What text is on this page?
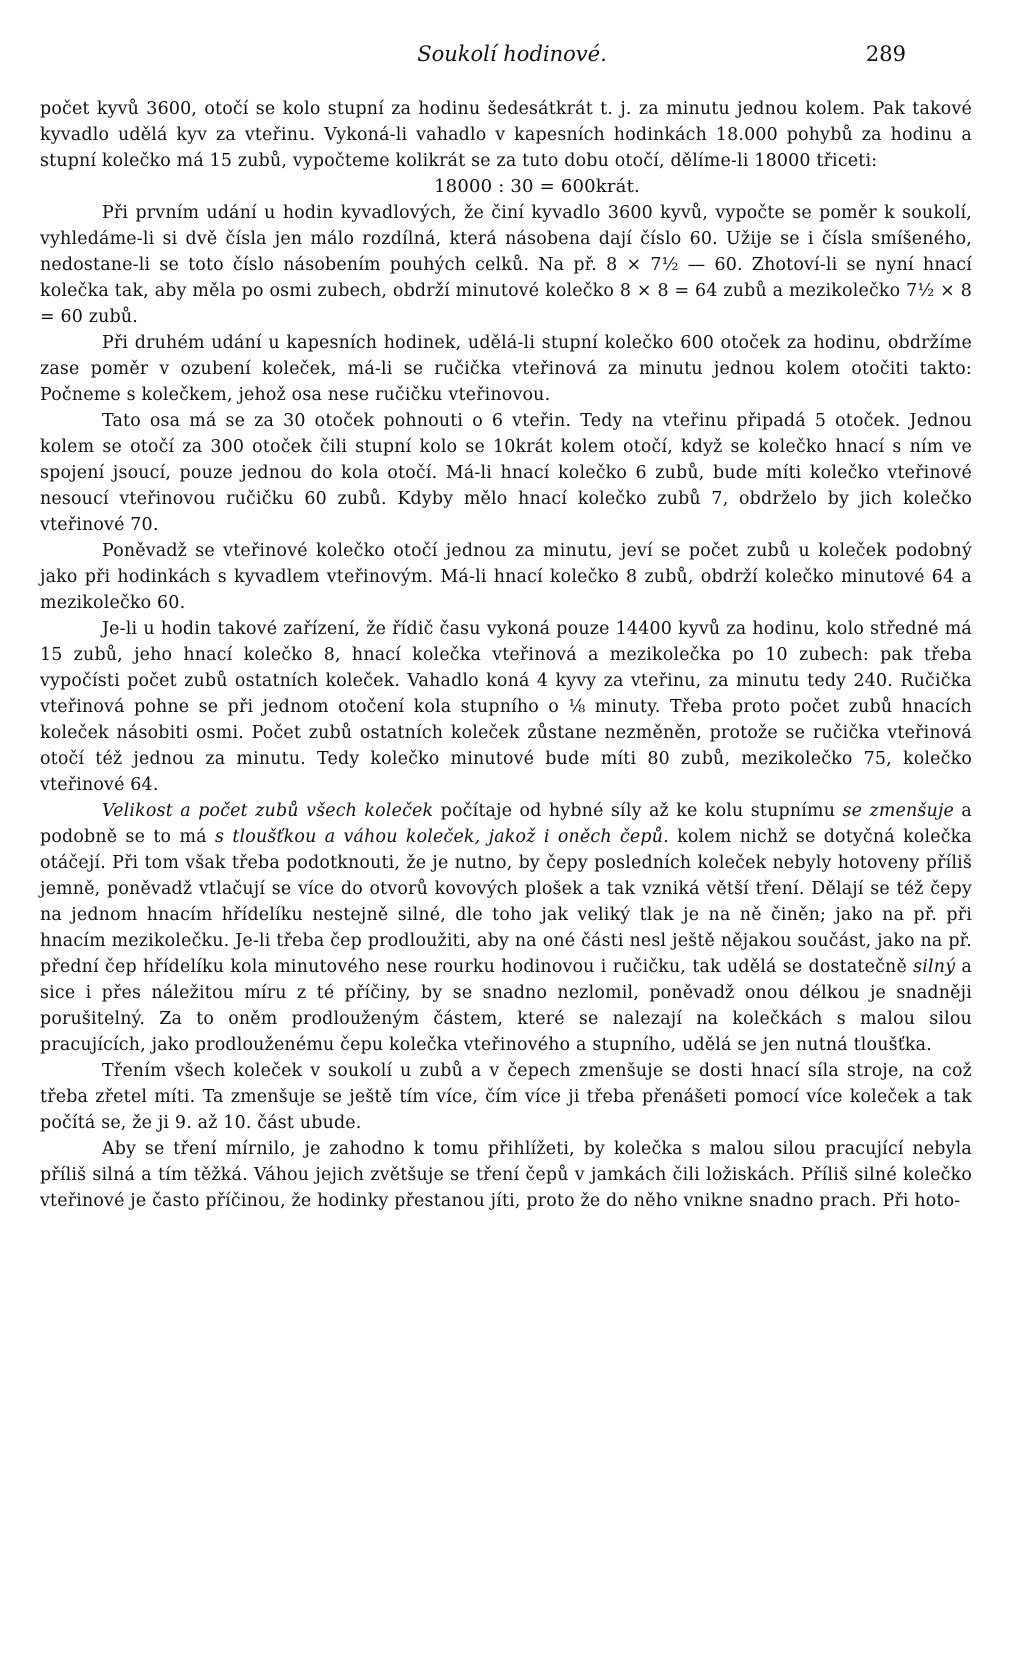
Soukolí hodinové.	289

počet kyvů 3600, otočí se kolo stupní za hodinu šedesátkrát t. j. za minutu jednou kolem. Pak takové kyvadlo udělá kyv za vteřinu. Vykoná-li vahadlo v kapesních hodinkách 18.000 pohybů za hodinu a stupní kolečko má 15 zubů, vypočteme kolikrát se za tuto dobu otočí, dělíme-li 18000 třiceti:

18000 : 30 = 600krát.

Při prvním udání u hodin kyvadlových, že činí kyvadlo 3600 kyvů, vypočte se poměr k soukolí, vyhledáme-li si dvě čísla jen málo rozdílná, která násobena dají číslo 60. Užije se i čísla smíšeného, nedostane-li se toto číslo násobením pouhých celků. Na př. 8 × 7½ — 60. Zhotoví-li se nyní hnací kolečka tak, aby měla po osmi zubech, obdrží minutové kolečko 8 × 8 = 64 zubů a mezikolečko 7½ × 8 = 60 zubů.

Při druhém udání u kapesních hodinek, udělá-li stupní kolečko 600 otoček za hodinu, obdržíme zase poměr v ozubení koleček, má-li se ručička vteřinová za minutu jednou kolem otočiti takto: Počneme s kolečkem, jehož osa nese ručičku vteřinovou.

Tato osa má se za 30 otoček pohnouti o 6 vteřin. Tedy na vteřinu připadá 5 otoček. Jednou kolem se otočí za 300 otoček čili stupní kolo se 10krát kolem otočí, když se kolečko hnací s ním ve spojení jsoucí, pouze jednou do kola otočí. Má-li hnací kolečko 6 zubů, bude míti kolečko vteřinové nesoucí vteřinovou ručičku 60 zubů. Kdyby mělo hnací kolečko zubů 7, obdrželo by jich kolečko vteřinové 70.

Poněvadž se vteřinové kolečko otočí jednou za minutu, jeví se počet zubů u koleček podobný jako při hodinkách s kyvadlem vteřinovým. Má-li hnací kolečko 8 zubů, obdrží kolečko minutové 64 a mezikolečko 60.

Je-li u hodin takové zařízení, že řídič času vykoná pouze 14400 kyvů za hodinu, kolo středné má 15 zubů, jeho hnací kolečko 8, hnací kolečka vteřinová a mezikolečka po 10 zubech: pak třeba vypočísti počet zubů ostatních koleček. Vahadlo koná 4 kyvy za vteřinu, za minutu tedy 240. Ručička vteřinová pohne se při jednom otočení kola stupního o ⅛ minuty. Třeba proto počet zubů hnacích koleček násobiti osmi. Počet zubů ostatních koleček zůstane nezměněn, protože se ručička vteřinová otočí též jednou za minutu. Tedy kolečko minutové bude míti 80 zubů, mezikolečko 75, kolečko vteřinové 64.

Velikost a počet zubů všech koleček počítaje od hybné síly až ke kolu stupnímu se zmenšuje a podobně se to má s tloušťkou a váhou koleček, jakož i oněch čepů. kolem nichž se dotyčná kolečka otáčejí. Při tom však třeba podotknouti, že je nutno, by čepy posledních koleček nebyly hotoveny příliš jemně, poněvadž vtlačují se více do otvorů kovových plošek a tak vzniká větší tření. Dělají se též čepy na jednom hnacím hřídelíku nestejně silné, dle toho jak veliký tlak je na ně činěn; jako na př. při hnacím mezikolečku. Je-li třeba čep prodloužiti, aby na oné části nesl ještě nějakou součást, jako na př. přední čep hřídelíku kola minutového nese rourku hodinovou i ručičku, tak udělá se dostatečně silný a sice i přes náležitou míru z té příčiny, by se snadno nezlomil, poněvadž onou délkou je snadněji porušitelný. Za to oněm prodlouženým částem, které se nalezají na kolečkách s malou silou pracujících, jako prodlouženému čepu kolečka vteřinového a stupního, udělá se jen nutná tloušťka.

Třením všech koleček v soukolí u zubů a v čepech zmenšuje se dosti hnací síla stroje, na což třeba zřetel míti. Ta zmenšuje se ještě tím více, čím více ji třeba přenášeti pomocí více koleček a tak počítá se, že ji 9. až 10. část ubude.

Aby se tření mírnilo, je zahodno k tomu přihlížeti, by kolečka s malou silou pracující nebyla příliš silná a tím těžká. Váhou jejich zvětšuje se tření čepů v jamkách čili ložiskách. Příliš silné kolečko vteřinové je často příčinou, že hodinky přestanou jíti, proto že do něho vnikne snadno prach. Při hoto-
